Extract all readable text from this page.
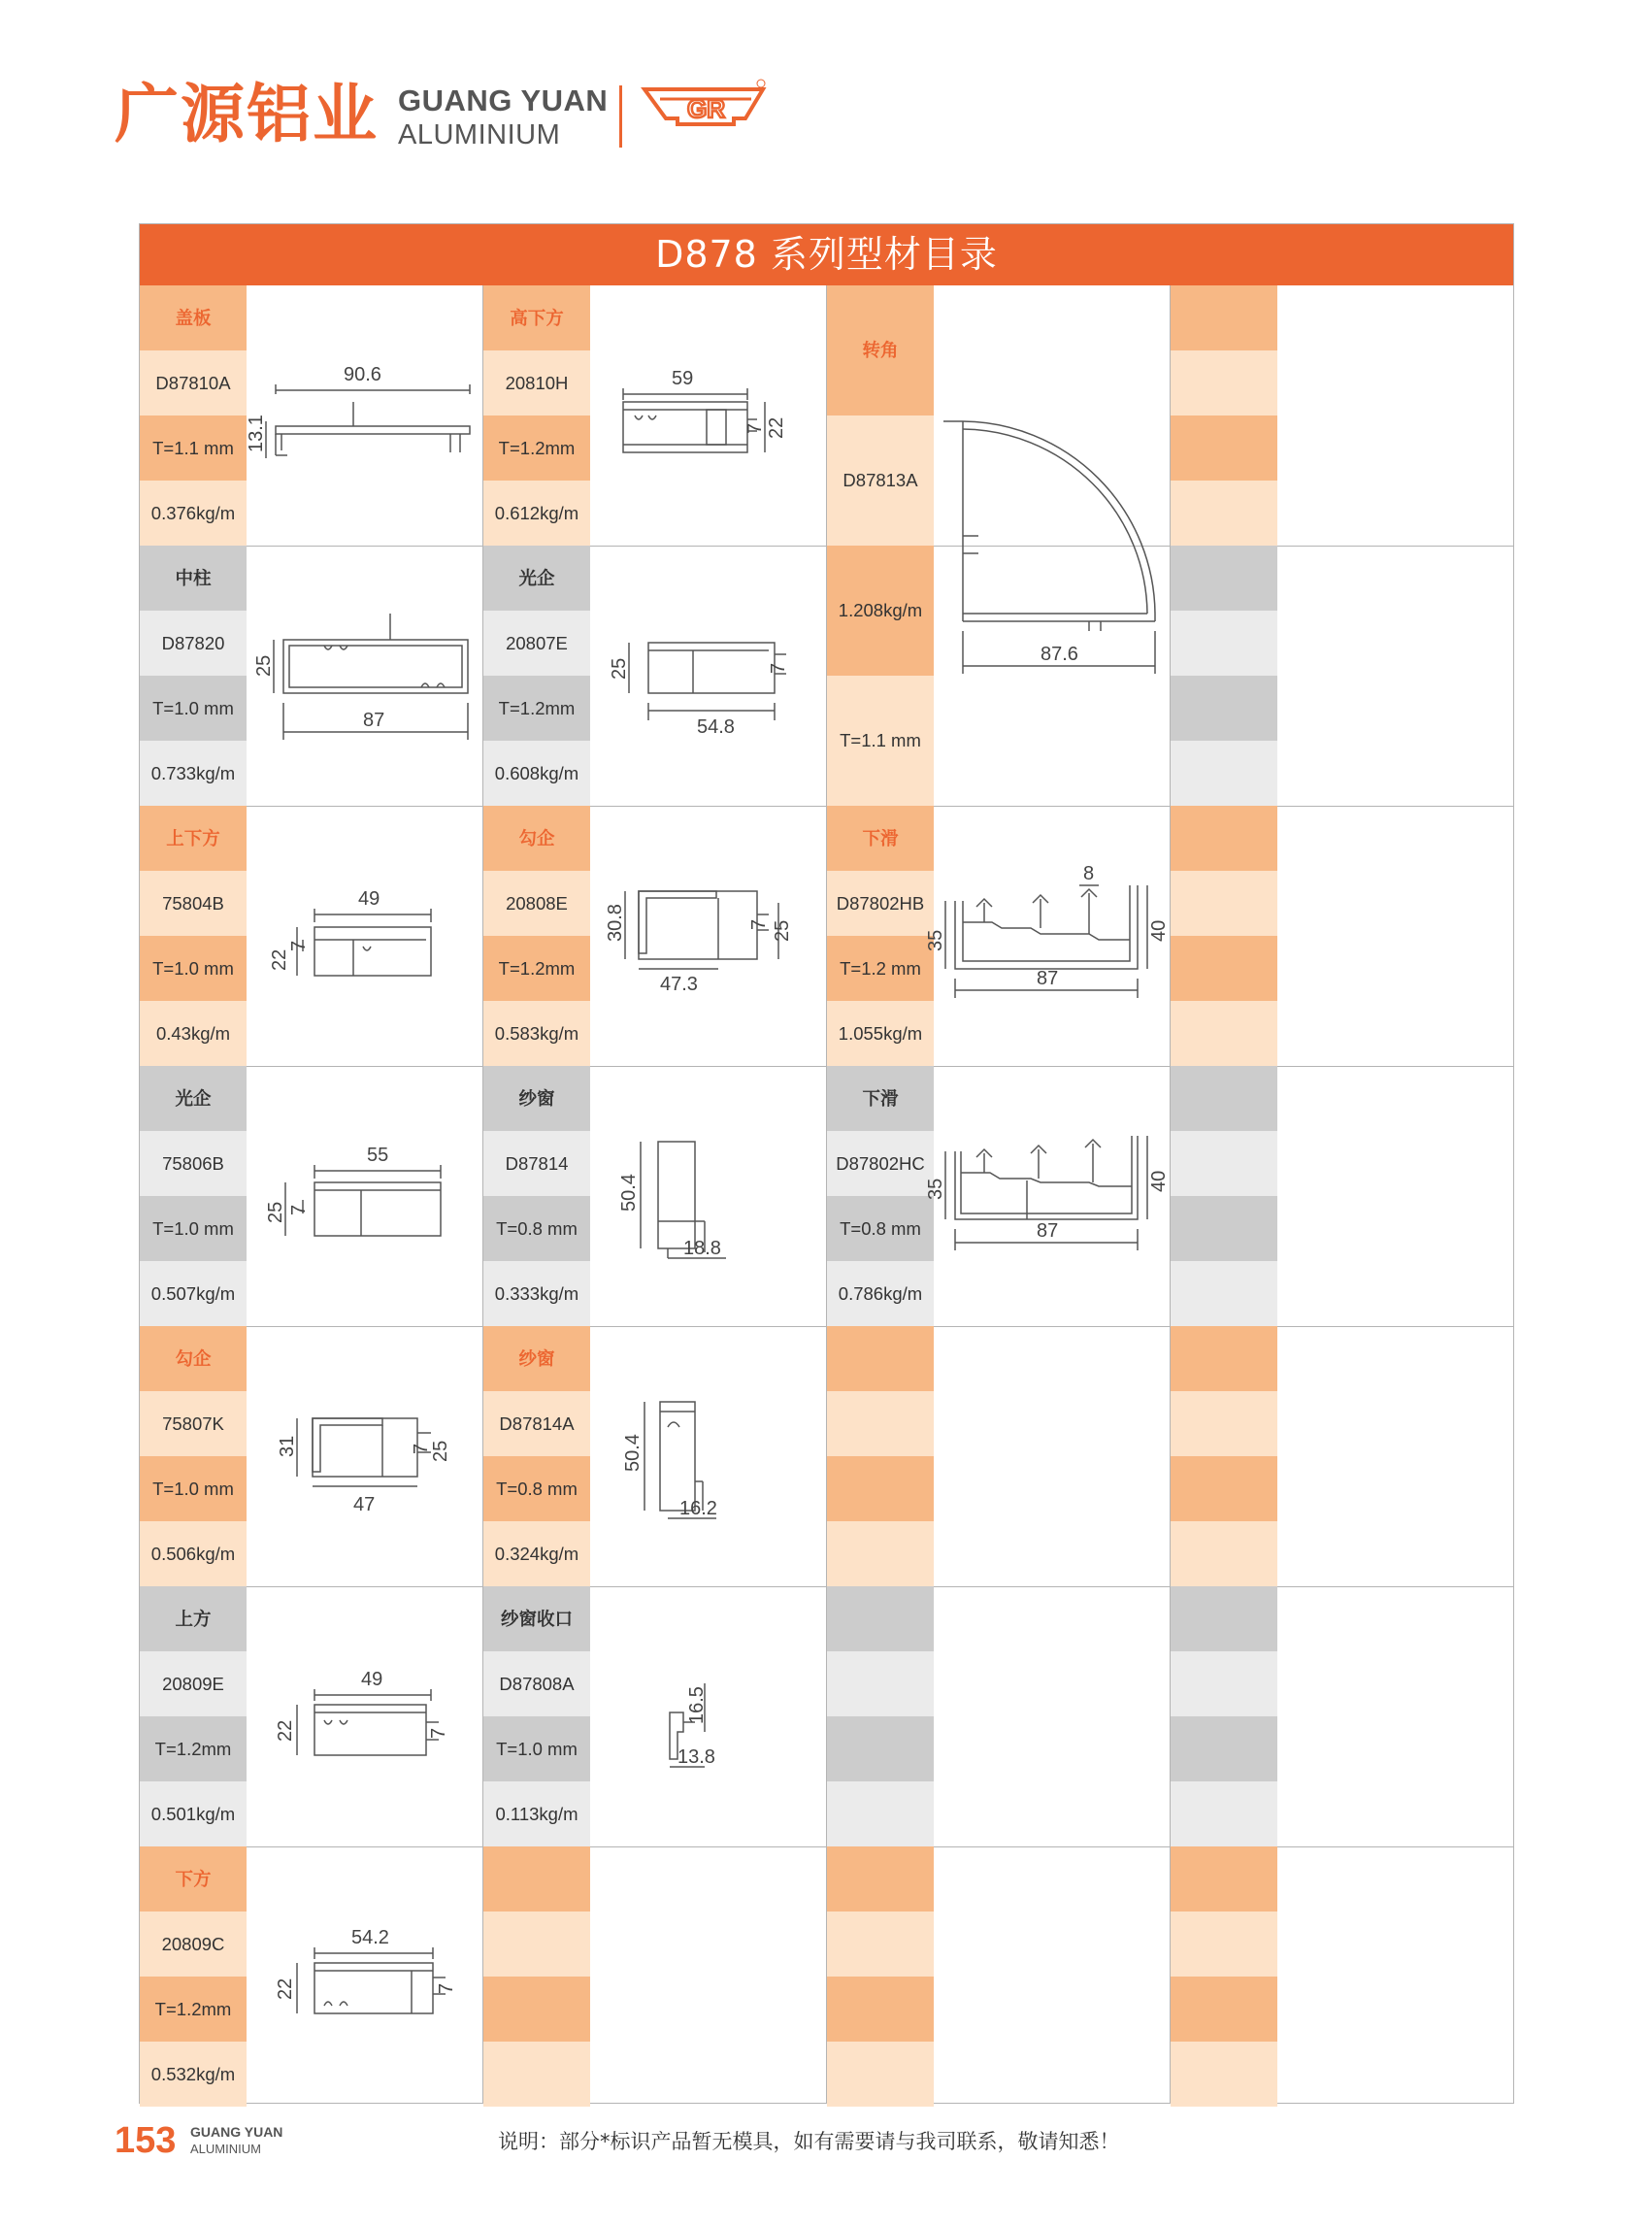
广源铝业 GUANG YUAN
ALUMINIUM
GR
D878 系列型材目录
盖板
D87810A
T=1.1 mm
0.376kg/m
90.6
13.1
中柱
D87820
T=1.0 mm
0.733kg/m
25
87
上下方
75804B
T=1.0 mm
0.43kg/m
49
22
7
光企
75806B
T=1.0 mm
0.507kg/m
55
25 7
勾企
75807K
T=1.0 mm
0.506kg/m
31	7
25
47
上方
20809E
T=1.2mm
0.501kg/m
49
22	7
下方
20809C
T=1.2mm
0.532kg/m
54.2
22	7
高下方
20810H
T=1.2mm
0.612kg/m
59
7 22
光企
20807E
T=1.2mm
0.608kg/m
25	7
54.8
勾企
20808E
T=1.2mm
0.583kg/m
30.8	7 25
47.3
纱窗
D87814
T=0.8 mm
0.333kg/m
50.4
18.8
纱窗
D87814A
T=0.8 mm
0.324kg/m
50.4
16.2
纱窗收口
D87808A
T=1.0 mm
0.113kg/m
16.5
13.8
转角
D87813A
1.208kg/m
T=1.1 mm
87.6
下滑
D87802HB
T=1.2 mm
1.055kg/m
8
35	40
87
下滑
D87802HC
T=0.8 mm
0.786kg/m
35	40
87
153 GUANG YUAN
ALUMINIUM	说明：部分*标识产品暂无模具，如有需要请与我司联系，敬请知悉！
